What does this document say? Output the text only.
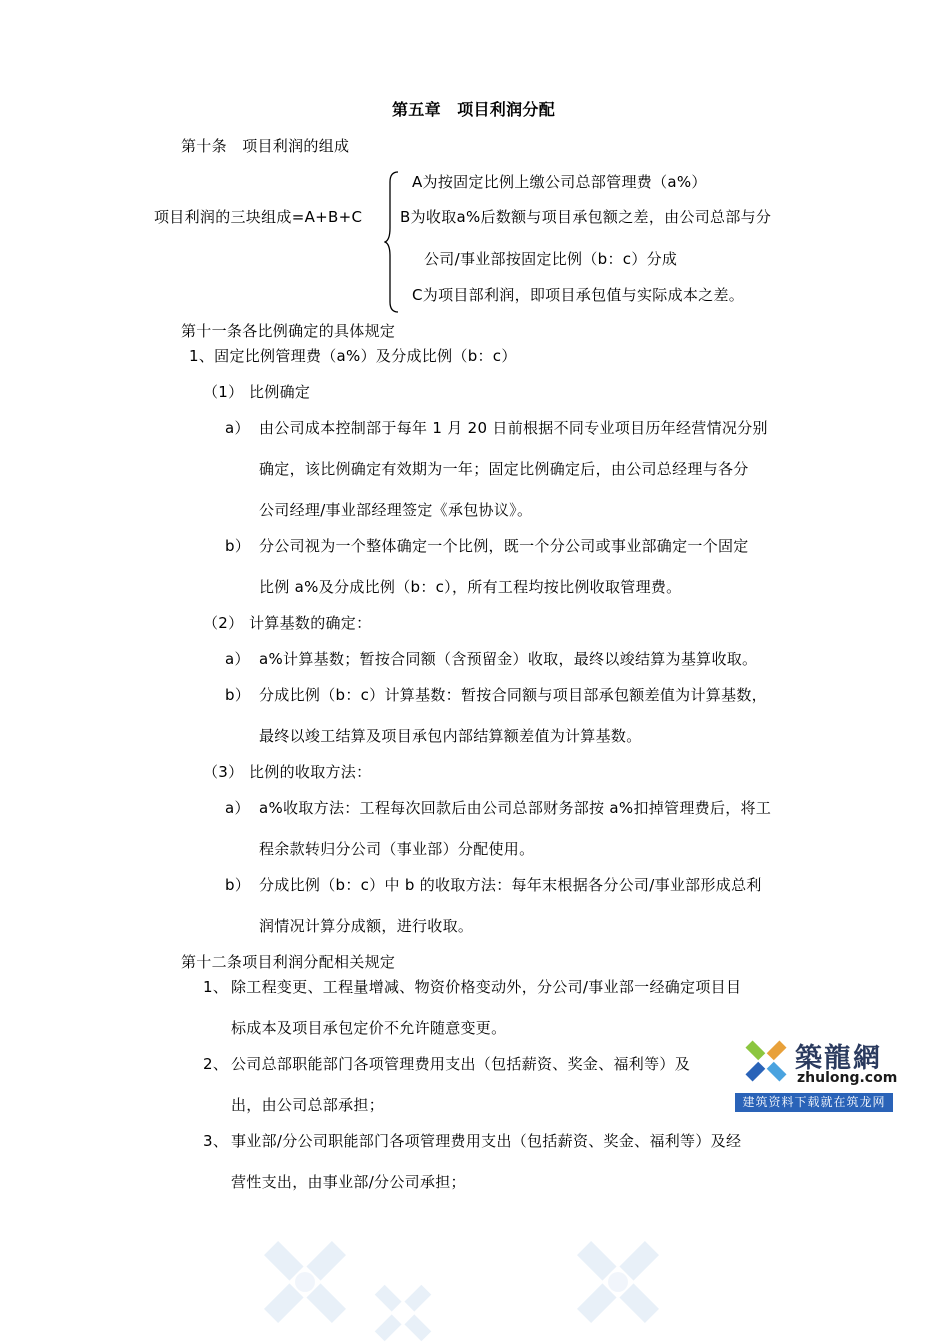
第五章　项目利润分配
第十条　项目利润的组成
项目利润的三块组成=A+B+C
A为按固定比例上缴公司总部管理费（a%）
B为收取a%后数额与项目承包额之差，由公司总部与分
公司/事业部按固定比例（b：c）分成
C为项目部利润，即项目承包值与实际成本之差。
第十一条各比例确定的具体规定
1、固定比例管理费（a%）及分成比例（b：c）
（1） 比例确定
a） 由公司成本控制部于每年 1 月 20 日前根据不同专业项目历年经营情况分别
确定，该比例确定有效期为一年；固定比例确定后，由公司总经理与各分
公司经理/事业部经理签定《承包协议》。
b） 分公司视为一个整体确定一个比例，既一个分公司或事业部确定一个固定
比例 a%及分成比例（b：c），所有工程均按比例收取管理费。
（2） 计算基数的确定：
a） a%计算基数；暂按合同额（含预留金）收取，最终以竣结算为基算收取。
b） 分成比例（b：c）计算基数：暂按合同额与项目部承包额差值为计算基数，
最终以竣工结算及项目承包内部结算额差值为计算基数。
（3） 比例的收取方法：
a） a%收取方法：工程每次回款后由公司总部财务部按 a%扣掉管理费后，将工
程余款转归分公司（事业部）分配使用。
b） 分成比例（b：c）中 b 的收取方法：每年末根据各分公司/事业部形成总利
润情况计算分成额，进行收取。
第十二条项目利润分配相关规定
1、 除工程变更、工程量增减、物资价格变动外，分公司/事业部一经确定项目目
标成本及项目承包定价不允许随意变更。
2、 公司总部职能部门各项管理费用支出（包括薪资、奖金、福利等）及
出，由公司总部承担；
3、 事业部/分公司职能部门各项管理费用支出（包括薪资、奖金、福利等）及经
营性支出，由事业部/分公司承担；
築龍網
zhulong.com
建筑资料下载就在筑龙网
